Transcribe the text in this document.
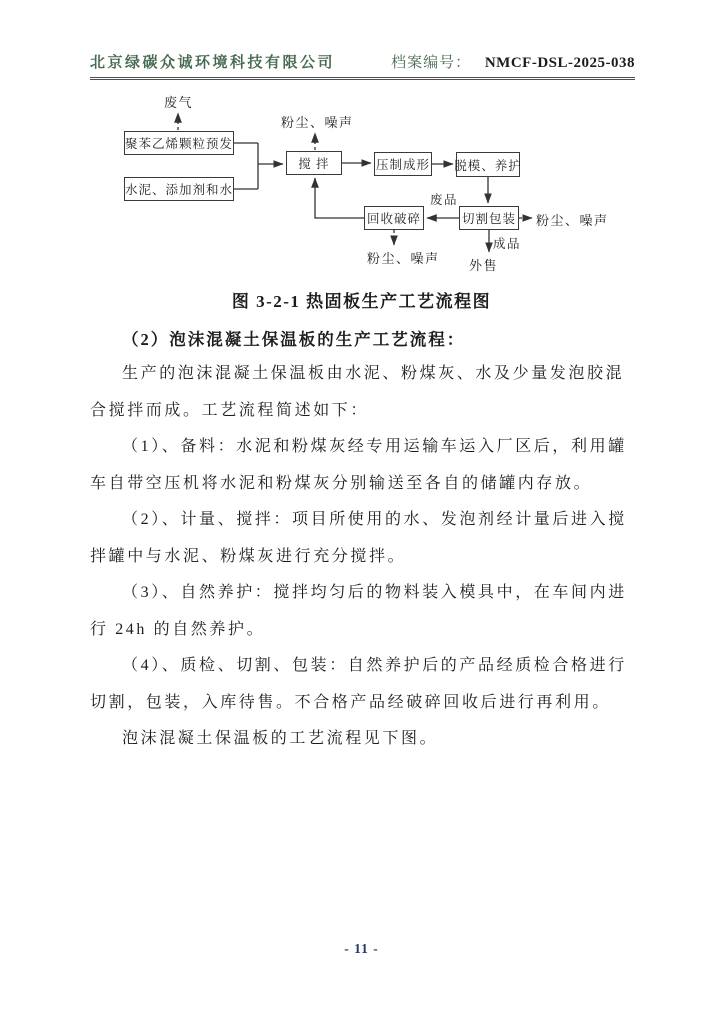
北京绿碳众诚环境科技有限公司	档案编号： NMCF-DSL-2025-038
聚苯乙烯颗粒预发
水泥、添加剂和水
搅 拌	压制成形 脱模、养护
回收破碎	切割包装
废气
粉尘、噪声
粉尘、噪声
粉尘、噪声
废品
成品
外售
图 3-2-1 热固板生产工艺流程图
（2）泡沫混凝土保温板的生产工艺流程：
生产的泡沫混凝土保温板由水泥、粉煤灰、水及少量发泡胶混
合搅拌而成。工艺流程简述如下：
（1）、备料：水泥和粉煤灰经专用运输车运入厂区后，利用罐
车自带空压机将水泥和粉煤灰分别输送至各自的储罐内存放。
（2）、计量、搅拌：项目所使用的水、发泡剂经计量后进入搅
拌罐中与水泥、粉煤灰进行充分搅拌。
（3）、自然养护：搅拌均匀后的物料装入模具中，在车间内进
行 24h 的自然养护。
（4）、质检、切割、包装：自然养护后的产品经质检合格进行
切割，包装，入库待售。不合格产品经破碎回收后进行再利用。
泡沫混凝土保温板的工艺流程见下图。
- 11 -
